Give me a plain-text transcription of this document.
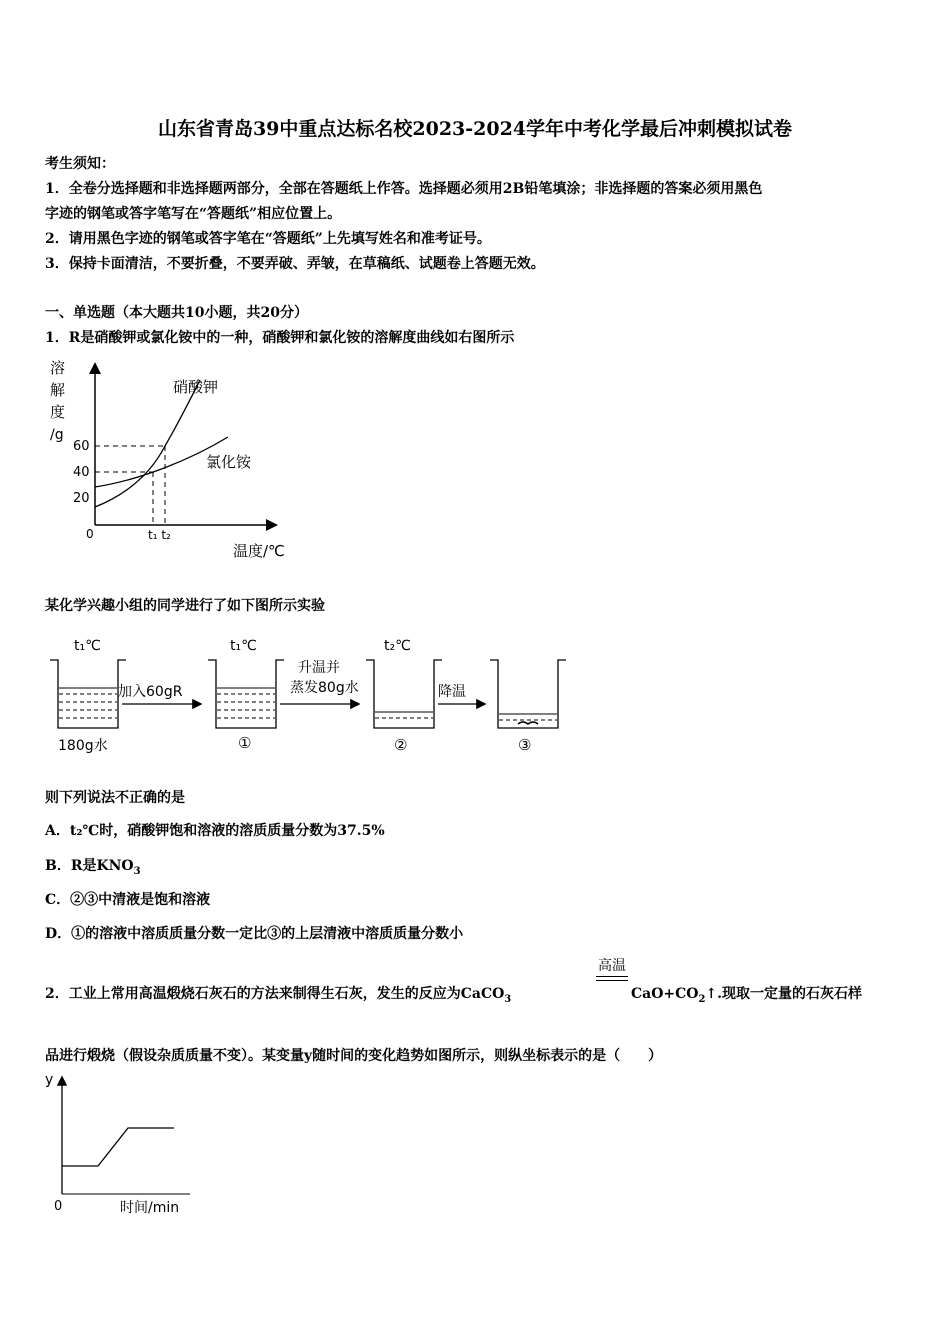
山东省青岛39中重点达标名校2023-2024学年中考化学最后冲刺模拟试卷
考生须知：
1．全卷分选择题和非选择题两部分，全部在答题纸上作答。选择题必须用2B铅笔填涂；非选择题的答案必须用黑色
字迹的钢笔或答字笔写在“答题纸”相应位置上。
2．请用黑色字迹的钢笔或答字笔在“答题纸”上先填写姓名和准考证号。
3．保持卡面清洁，不要折叠，不要弄破、弄皱，在草稿纸、试题卷上答题无效。
一、单选题（本大题共10小题，共20分）
1．R是硝酸钾或氯化铵中的一种，硝酸钾和氯化铵的溶解度曲线如右图所示
溶
解
度
/g
60
40
20
0
硝酸钾
氯化铵
t₁ t₂
温度/℃
某化学兴趣小组的同学进行了如下图所示实验
t₁℃	t₁℃	t₂℃
加入60gR
升温并
蒸发80g水	降温
180g水	①	②	③
则下列说法不正确的是
A．t₂℃时，硝酸钾饱和溶液的溶质质量分数为37.5%
B．R是$KNO_3$
C．②③中清液是饱和溶液
D．①的溶液中溶质质量分数一定比③的上层清液中溶质质量分数小
高温
2．工业上常用高温煅烧石灰石的方法来制得生石灰，发生的反应为CaCO$_3$	$CaO+CO_2↑$.现取一定量的石灰石样
品进行煅烧（假设杂质质量不变）。某变量y随时间的变化趋势如图所示，则纵坐标表示的是（　　）
y
0	时间/min
